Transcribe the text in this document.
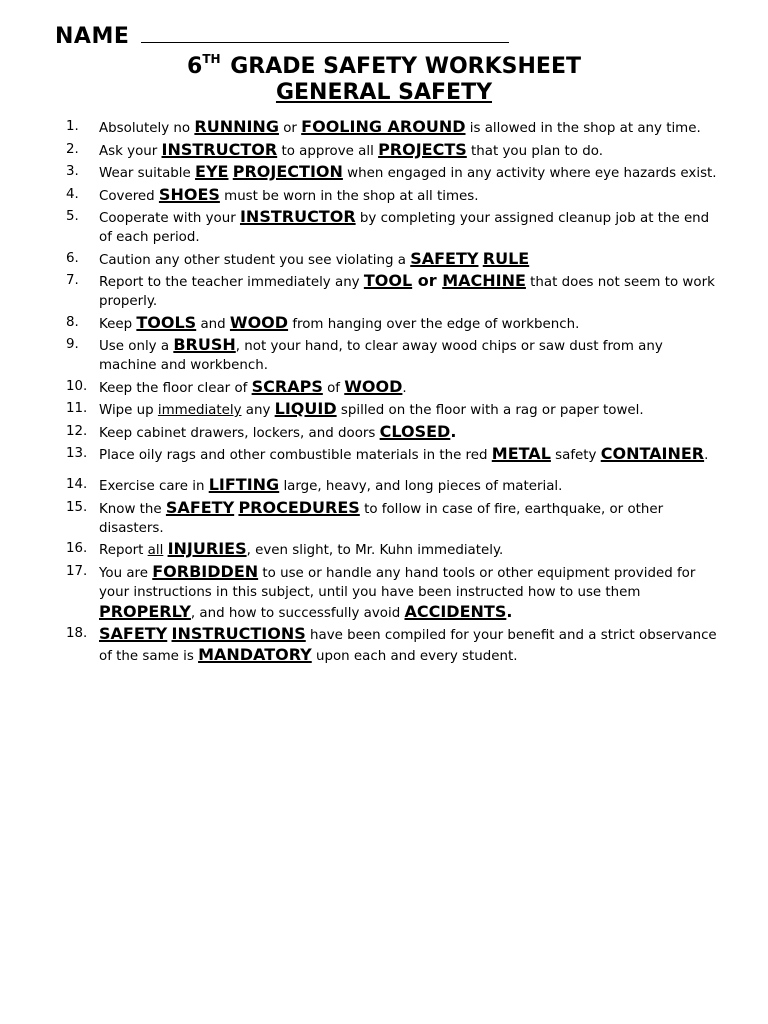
NAME
6TH GRADE SAFETY WORKSHEET
GENERAL SAFETY
1. Absolutely no RUNNING or FOOLING AROUND is allowed in the shop at any time.
2. Ask your INSTRUCTOR to approve all PROJECTS that you plan to do.
3. Wear suitable EYE PROJECTION when engaged in any activity where eye hazards exist.
4. Covered SHOES must be worn in the shop at all times.
5. Cooperate with your INSTRUCTOR by completing your assigned cleanup job at the end of each period.
6. Caution any other student you see violating a SAFETY RULE
7. Report to the teacher immediately any TOOL or MACHINE that does not seem to work properly.
8. Keep TOOLS and WOOD from hanging over the edge of workbench.
9. Use only a BRUSH, not your hand, to clear away wood chips or saw dust from any machine and workbench.
10. Keep the floor clear of SCRAPS of WOOD.
11. Wipe up immediately any LIQUID spilled on the floor with a rag or paper towel.
12. Keep cabinet drawers, lockers, and doors CLOSED.
13. Place oily rags and other combustible materials in the red METAL safety CONTAINER.
14. Exercise care in LIFTING large, heavy, and long pieces of material.
15. Know the SAFETY PROCEDURES to follow in case of fire, earthquake, or other disasters.
16. Report all INJURIES, even slight, to Mr. Kuhn immediately.
17. You are FORBIDDEN to use or handle any hand tools or other equipment provided for your instructions in this subject, until you have been instructed how to use them PROPERLY, and how to successfully avoid ACCIDENTS.
18. SAFETY INSTRUCTIONS have been compiled for your benefit and a strict observance of the same is MANDATORY upon each and every student.
